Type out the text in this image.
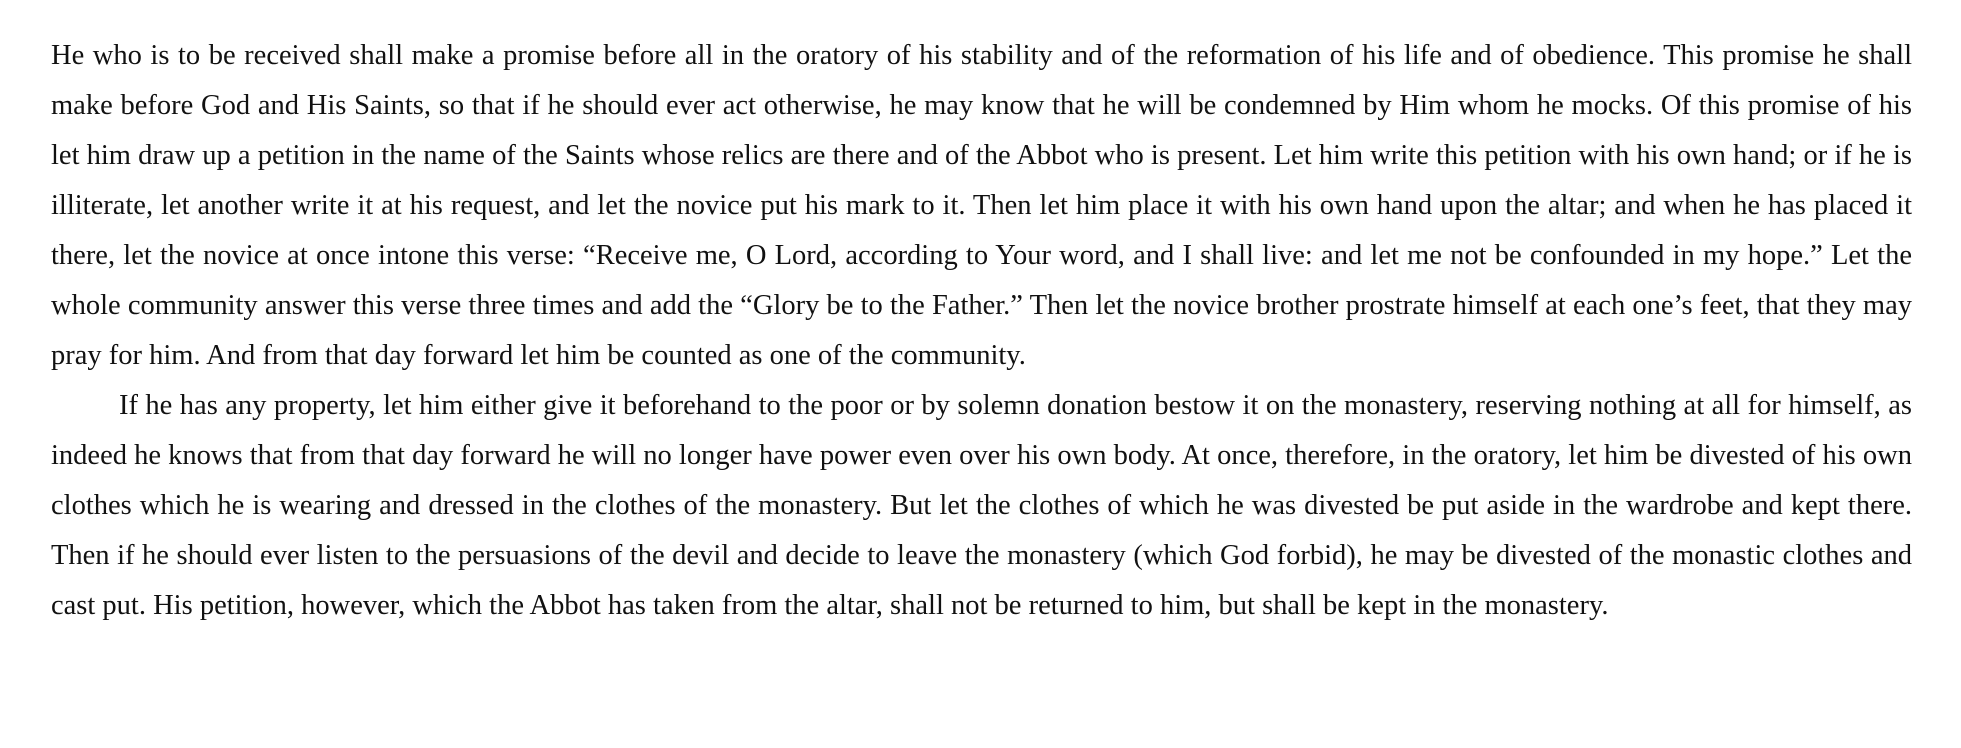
He who is to be received shall make a promise before all in the oratory of his stability and of the reformation of his life and of obedience. This promise he shall make before God and His Saints, so that if he should ever act otherwise, he may know that he will be condemned by Him whom he mocks. Of this promise of his let him draw up a petition in the name of the Saints whose relics are there and of the Abbot who is present. Let him write this petition with his own hand; or if he is illiterate, let another write it at his request, and let the novice put his mark to it. Then let him place it with his own hand upon the altar; and when he has placed it there, let the novice at once intone this verse: “Receive me, O Lord, according to Your word, and I shall live: and let me not be confounded in my hope.” Let the whole community answer this verse three times and add the “Glory be to the Father.” Then let the novice brother prostrate himself at each one’s feet, that they may pray for him. And from that day forward let him be counted as one of the community.

If he has any property, let him either give it beforehand to the poor or by solemn donation bestow it on the monastery, reserving nothing at all for himself, as indeed he knows that from that day forward he will no longer have power even over his own body. At once, therefore, in the oratory, let him be divested of his own clothes which he is wearing and dressed in the clothes of the monastery. But let the clothes of which he was divested be put aside in the wardrobe and kept there. Then if he should ever listen to the persuasions of the devil and decide to leave the monastery (which God forbid), he may be divested of the monastic clothes and cast put. His petition, however, which the Abbot has taken from the altar, shall not be returned to him, but shall be kept in the monastery.
